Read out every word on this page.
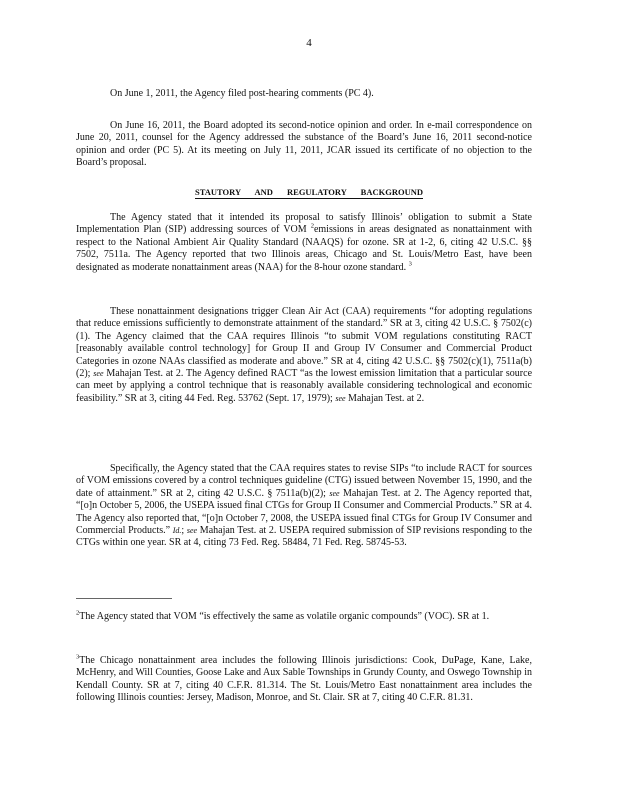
4

On June 1, 2011, the Agency filed post-hearing comments (PC 4).

On June 16, 2011, the Board adopted its second-notice opinion and order. In e-mail correspondence on June 20, 2011, counsel for the Agency addressed the substance of the Board’s June 16, 2011 second-notice opinion and order (PC 5). At its meeting on July 11, 2011, JCAR issued its certificate of no objection to the Board’s proposal.

STAUTORY AND REGULATORY BACKGROUND

The Agency stated that it intended its proposal to satisfy Illinois’ obligation to submit a State Implementation Plan (SIP) addressing sources of VOM $^2$emissions in areas designated as nonattainment with respect to the National Ambient Air Quality Standard (NAAQS) for ozone. SR at 1-2, 6, citing 42 U.S.C. §§ 7502, 7511a. The Agency reported that two Illinois areas, Chicago and St. Louis/Metro East, have been designated as moderate nonattainment areas (NAA) for the 8-hour ozone standard. $^3$

These nonattainment designations trigger Clean Air Act (CAA) requirements “for adopting regulations that reduce emissions sufficiently to demonstrate attainment of the standard.” SR at 3, citing 42 U.S.C. § 7502(c)(1). The Agency claimed that the CAA requires Illinois “to submit VOM regulations constituting RACT [reasonably available control technology] for Group II and Group IV Consumer and Commercial Product Categories in ozone NAAs classified as moderate and above.” SR at 4, citing 42 U.S.C. §§ 7502(c)(1), 7511a(b)(2); see Mahajan Test. at 2. The Agency defined RACT “as the lowest emission limitation that a particular source can meet by applying a control technique that is reasonably available considering technological and economic feasibility.” SR at 3, citing 44 Fed. Reg. 53762 (Sept. 17, 1979); see Mahajan Test. at 2.

Specifically, the Agency stated that the CAA requires states to revise SIPs “to include RACT for sources of VOM emissions covered by a control techniques guideline (CTG) issued between November 15, 1990, and the date of attainment.” SR at 2, citing 42 U.S.C. § 7511a(b)(2); see Mahajan Test. at 2. The Agency reported that, “[o]n October 5, 2006, the USEPA issued final CTGs for Group II Consumer and Commercial Products.” SR at 4. The Agency also reported that, “[o]n October 7, 2008, the USEPA issued final CTGs for Group IV Consumer and Commercial Products.” Id.; see Mahajan Test. at 2. USEPA required submission of SIP revisions responding to the CTGs within one year. SR at 4, citing 73 Fed. Reg. 58484, 71 Fed. Reg. 58745-53.

$^2$The Agency stated that VOM “is effectively the same as volatile organic compounds” (VOC). SR at 1.

$^3$The Chicago nonattainment area includes the following Illinois jurisdictions: Cook, DuPage, Kane, Lake, McHenry, and Will Counties, Goose Lake and Aux Sable Townships in Grundy County, and Oswego Township in Kendall County. SR at 7, citing 40 C.F.R. 81.314. The St. Louis/Metro East nonattainment area includes the following Illinois counties: Jersey, Madison, Monroe, and St. Clair. SR at 7, citing 40 C.F.R. 81.31.
